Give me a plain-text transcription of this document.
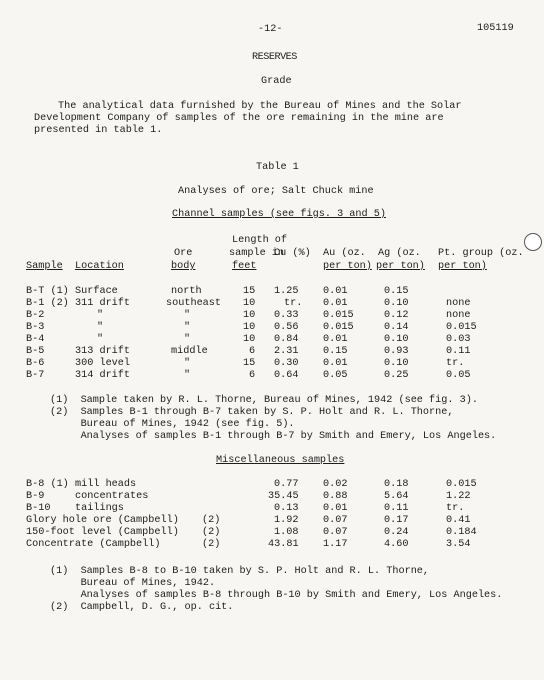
-12-	105119
RESERVES
Grade
The analytical data furnished by the Bureau of Mines and the Solar
Development Company of samples of the ore remaining in the mine are
presented in table 1.
Table 1
Analyses of ore; Salt Chuck mine
Channel samples (see figs. 3 and 5)
Length of
Ore	sample in
Cu (%) Au (oz. Ag (oz. Pt. group (oz.
Sample Location	body	feet	per ton) per ton) per ton)
B-T (1) Surface	north	15 1.25 0.01	0.15
B-1 (2) 311 drift	southeast 10	tr. 0.01	0.10	none
B-2	"	"	10 0.33 0.015	0.12	none
B-3	"	"	10 0.56 0.015	0.14	0.015
B-4	"	"	10 0.84 0.01	0.10	0.03
B-5	313 drift	middle	6 2.31 0.15	0.93	0.11
B-6	300 level	"	15 0.30 0.01	0.10	tr.
B-7	314 drift	"	6 0.64 0.05	0.25	0.05
(1)  Sample taken by R. L. Thorne, Bureau of Mines, 1942 (see fig. 3).
(2)  Samples B-1 through B-7 taken by S. P. Holt and R. L. Thorne,
Bureau of Mines, 1942 (see fig. 5).
Analyses of samples B-1 through B-7 by Smith and Emery, Los Angeles.
Miscellaneous samples
B-8 (1) mill heads	0.77 0.02	0.18	0.015
B-9	concentrates	35.45 0.88	5.64	1.22
B-10 tailings	0.13 0.01	0.11	tr.
Glory hole ore (Campbell) (2)	1.92 0.07	0.17	0.41
150-foot level (Campbell) (2)	1.08 0.07	0.24	0.184
Concentrate (Campbell)	(2)	43.81 1.17	4.60	3.54
(1)  Samples B-8 to B-10 taken by S. P. Holt and R. L. Thorne,
Bureau of Mines, 1942.
Analyses of samples B-8 through B-10 by Smith and Emery, Los Angeles.
(2)  Campbell, D. G., op. cit.
